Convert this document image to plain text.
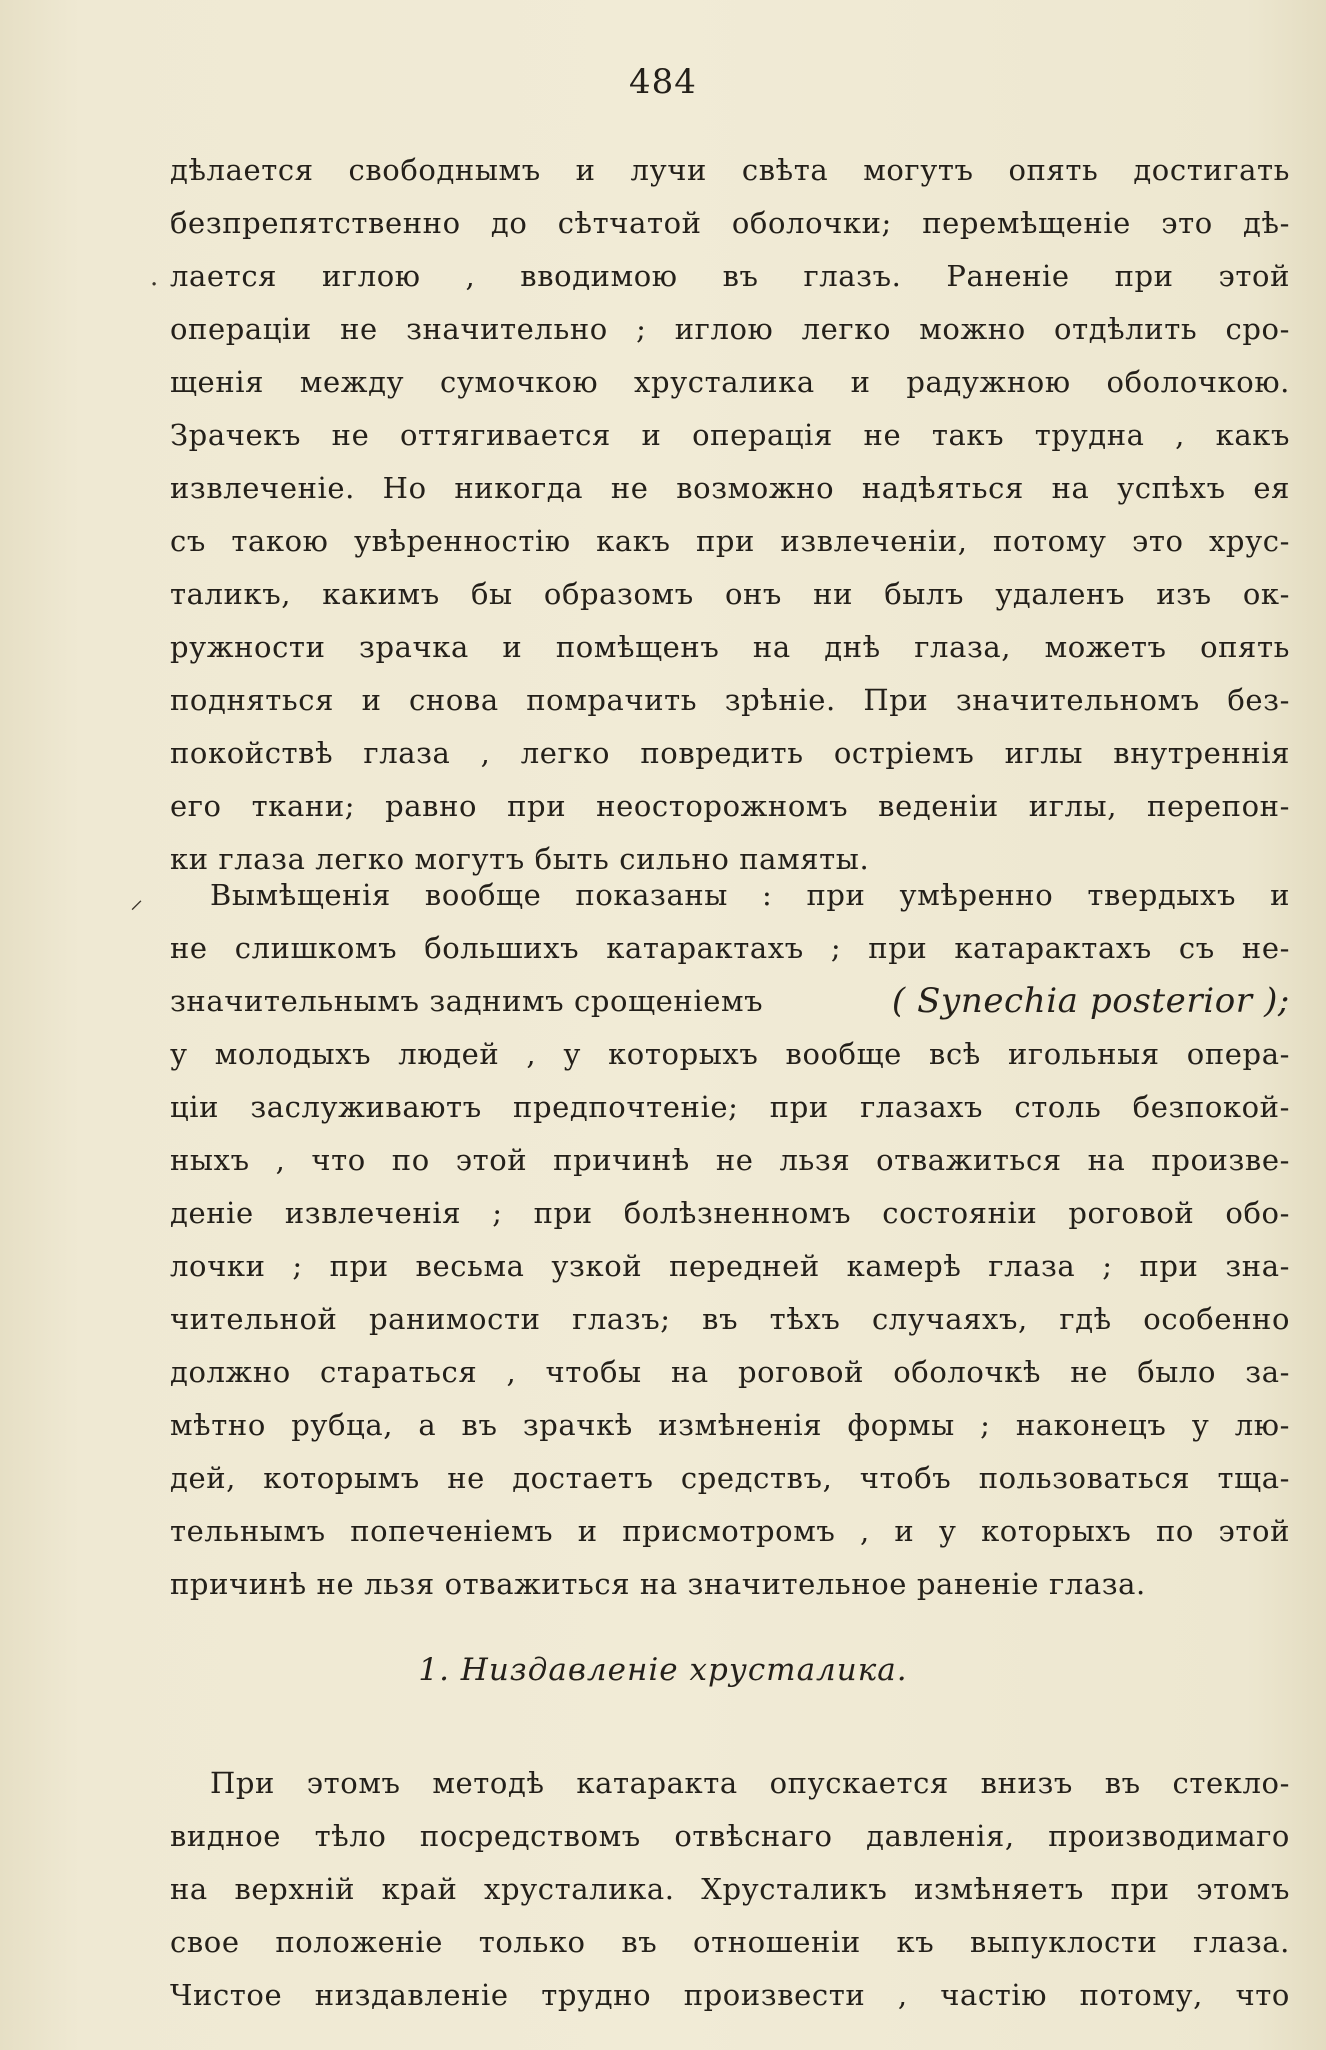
484
·
⸝
дѣлается свободнымъ и лучи свѣта могутъ опять достигать
безпрепятственно до сѣтчатой оболочки; перемѣщеніе это дѣ-
лается иглою , вводимою въ глазъ. Раненіе при этой
операціи не значительно ; иглою легко можно отдѣлить сро-
щенія между сумочкою хрусталика и радужною оболочкою.
Зрачекъ не оттягивается и операція не такъ трудна , какъ
извлеченіе. Но никогда не возможно надѣяться на успѣхъ ея
съ такою увѣренностію какъ при извлеченіи, потому это хрус-
таликъ, какимъ бы образомъ онъ ни былъ удаленъ изъ ок-
ружности зрачка и помѣщенъ на днѣ глаза, можетъ опять
подняться и снова помрачить зрѣніе. При значительномъ без-
покойствѣ глаза , легко повредить остріемъ иглы внутреннія
его ткани; равно при неосторожномъ веденіи иглы, перепон-
ки глаза легко могутъ быть сильно памяты.
Вымѣщенія вообще показаны : при умѣренно твердыхъ и
не слишкомъ большихъ катарактахъ ; при катарактахъ съ не-
значительнымъ заднимъ срощеніемъ	( Synechia posterior );
у молодыхъ людей , у которыхъ вообще всѣ игольныя опера-
ціи заслуживаютъ предпочтеніе; при глазахъ столь безпокой-
ныхъ , что по этой причинѣ не льзя отважиться на произве-
деніе извлеченія ; при болѣзненномъ состояніи роговой обо-
лочки ; при весьма узкой передней камерѣ глаза ; при зна-
чительной ранимости глазъ; въ тѣхъ случаяхъ, гдѣ особенно
должно стараться , чтобы на роговой оболочкѣ не было за-
мѣтно рубца, а въ зрачкѣ измѣненія формы ; наконецъ у лю-
дей, которымъ не достаетъ средствъ, чтобъ пользоваться тща-
тельнымъ попеченіемъ и присмотромъ , и у которыхъ по этой
причинѣ не льзя отважиться на значительное раненіе глаза.
1. Низдавленіе хрусталика.
При этомъ методѣ катаракта опускается внизъ въ стекло-
видное тѣло посредствомъ отвѣснаго давленія, производимаго
на верхній край хрусталика. Хрусталикъ измѣняетъ при этомъ
свое положеніе только въ отношеніи къ выпуклости глаза.
Чистое низдавленіе трудно произвести , частію потому, что
